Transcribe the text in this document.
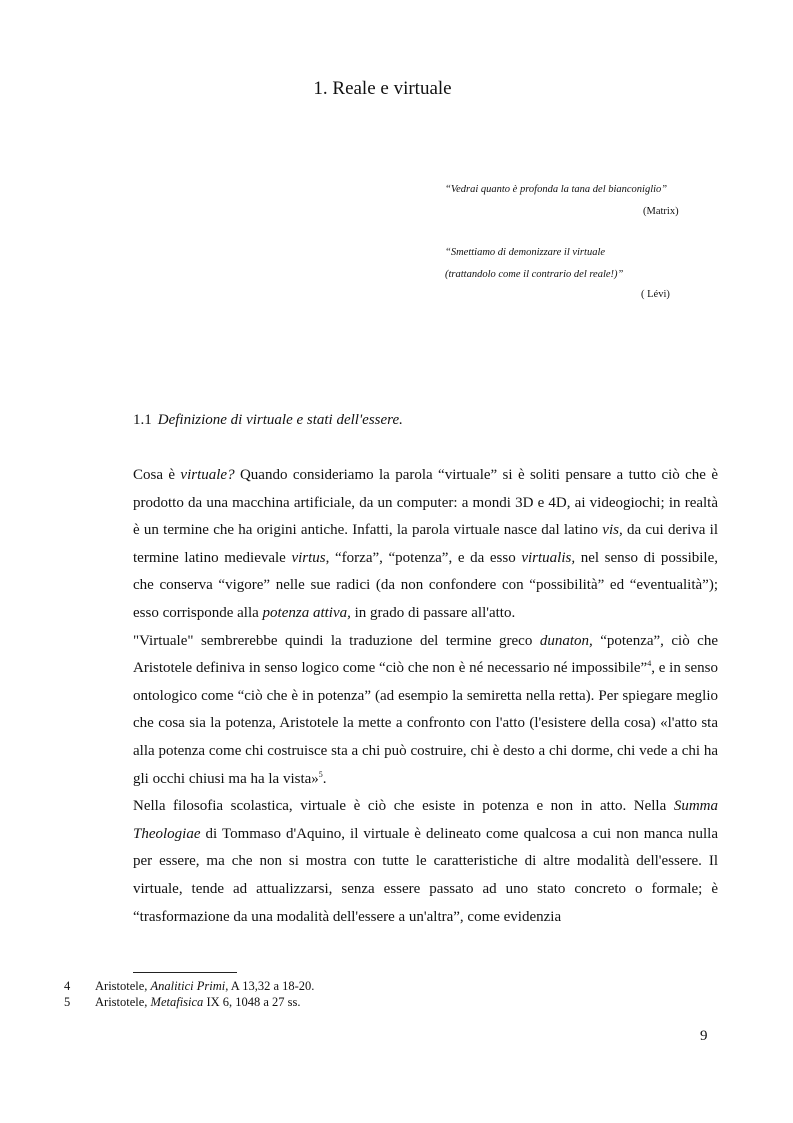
1. Reale e virtuale
“Vedrai quanto è profonda la tana del bianconiglio”
(Matrix)
“Smettiamo di demonizzare il virtuale
(trattandolo come il contrario del reale!)”
( Lévi)
1.1 Definizione di virtuale e stati dell'essere.

Cosa è virtuale? Quando consideriamo la parola “virtuale” si è soliti pensare a tutto ciò che è prodotto da una macchina artificiale, da un computer: a mondi 3D e 4D, ai videogiochi; in realtà è un termine che ha origini antiche. Infatti, la parola virtuale nasce dal latino vis, da cui deriva il termine latino medievale virtus, “forza”, “potenza”, e da esso virtualis, nel senso di possibile, che conserva “vigore” nelle sue radici (da non confondere con “possibilità” ed “eventualità”); esso corrisponde alla potenza attiva, in grado di passare all'atto.

"Virtuale" sembrerebbe quindi la traduzione del termine greco dunaton, “potenza”, ciò che Aristotele definiva in senso logico come “ciò che non è né necessario né impossibile”$^4$, e in senso ontologico come “ciò che è in potenza” (ad esempio la semiretta nella retta). Per spiegare meglio che cosa sia la potenza, Aristotele la mette a confronto con l'atto (l'esistere della cosa) «l'atto sta alla potenza come chi costruisce sta a chi può costruire, chi è desto a chi dorme, chi vede a chi ha gli occhi chiusi ma ha la vista»$^5$.

Nella filosofia scolastica, virtuale è ciò che esiste in potenza e non in atto. Nella Summa Theologiae di Tommaso d'Aquino, il virtuale è delineato come qualcosa a cui non manca nulla per essere, ma che non si mostra con tutte le caratteristiche di altre modalità dell'essere. Il virtuale, tende ad attualizzarsi, senza essere passato ad uno stato concreto o formale; è “trasformazione da una modalità dell'essere a un'altra”, come evidenzia

4 Aristotele, Analitici Primi, A 13,32 a 18-20.
5 Aristotele, Metafisica IX 6, 1048 a 27 ss.
9
